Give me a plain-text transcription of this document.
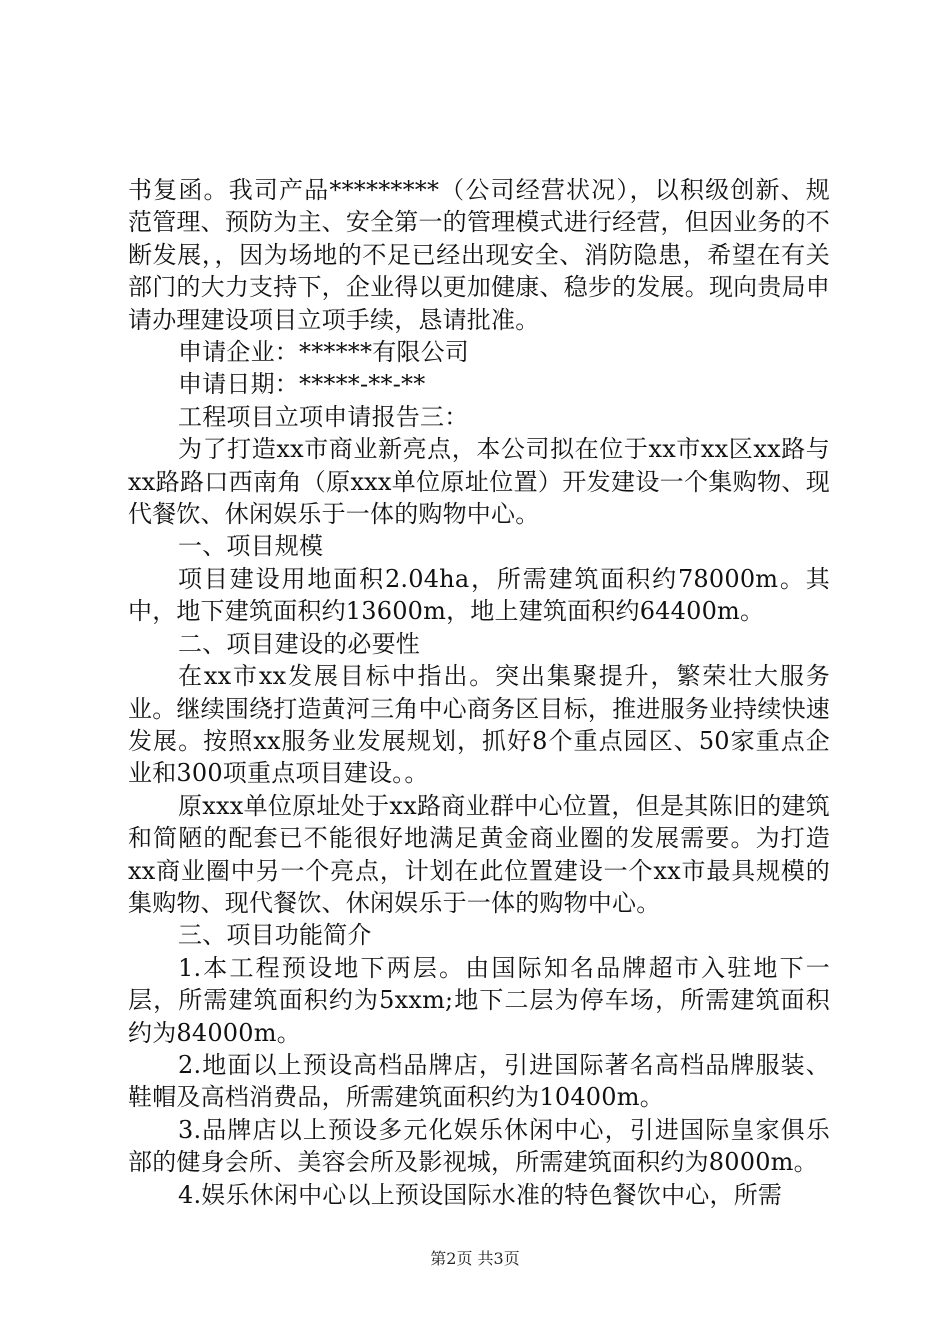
书复函。我司产品*********（公司经营状况），以积级创新、规范管理、预防为主、安全第一的管理模式进行经营，但因业务的不断发展，，因为场地的不足已经出现安全、消防隐患，希望在有关部门的大力支持下，企业得以更加健康、稳步的发展。现向贵局申请办理建设项目立项手续，恳请批准。

申请企业：******有限公司

申请日期：*****-**-**

工程项目立项申请报告三：

为了打造xx市商业新亮点，本公司拟在位于xx市xx区xx路与xx路路口西南角（原xxx单位原址位置）开发建设一个集购物、现代餐饮、休闲娱乐于一体的购物中心。

一、项目规模

项目建设用地面积2.04ha，所需建筑面积约78000m。其中，地下建筑面积约13600m，地上建筑面积约64400m。

二、项目建设的必要性

在xx市xx发展目标中指出。突出集聚提升，繁荣壮大服务业。继续围绕打造黄河三角中心商务区目标，推进服务业持续快速发展。按照xx服务业发展规划，抓好8个重点园区、50家重点企业和300项重点项目建设。。

原xxx单位原址处于xx路商业群中心位置，但是其陈旧的建筑和简陋的配套已不能很好地满足黄金商业圈的发展需要。为打造xx商业圈中另一个亮点，计划在此位置建设一个xx市最具规模的集购物、现代餐饮、休闲娱乐于一体的购物中心。

三、项目功能简介

1.本工程预设地下两层。由国际知名品牌超市入驻地下一层，所需建筑面积约为5xxm;地下二层为停车场，所需建筑面积约为84000m。

2.地面以上预设高档品牌店，引进国际著名高档品牌服装、鞋帽及高档消费品，所需建筑面积约为10400m。

3.品牌店以上预设多元化娱乐休闲中心，引进国际皇家俱乐部的健身会所、美容会所及影视城，所需建筑面积约为8000m。

4.娱乐休闲中心以上预设国际水准的特色餐饮中心，所需

第2页 共3页
